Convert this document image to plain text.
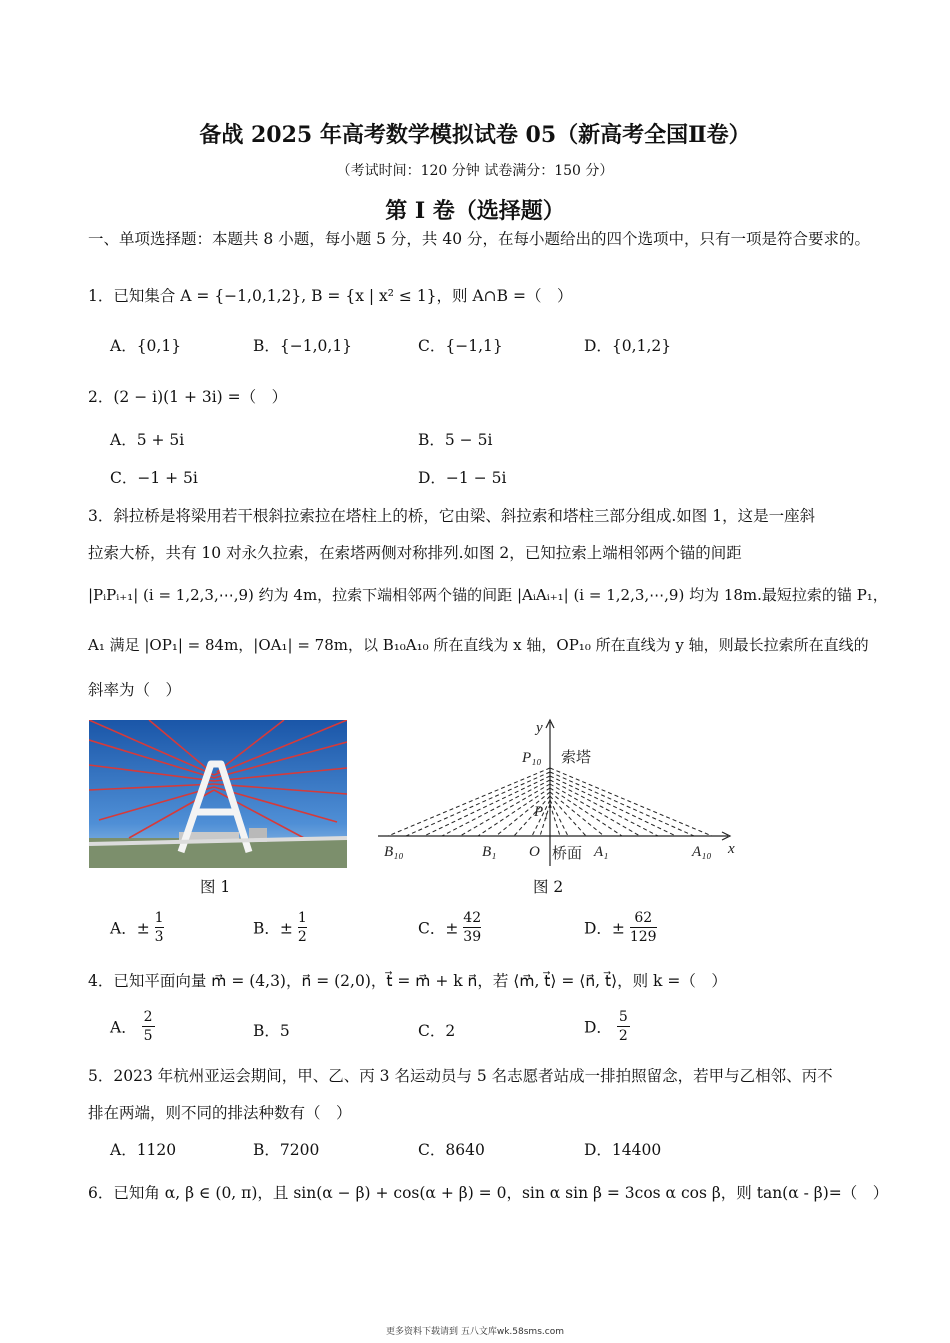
备战 2025 年高考数学模拟试卷 05（新高考全国Ⅱ卷）
（考试时间：120 分钟 试卷满分：150 分）
第 I 卷（选择题）
一、单项选择题：本题共 8 小题，每小题 5 分，共 40 分，在每小题给出的四个选项中，只有一项是符合要求的。
1．已知集合 A = {−1,0,1,2}, B = {x | x² ≤ 1}，则 A∩B =（　）
A．{0,1}	B．{−1,0,1}	C．{−1,1}	D．{0,1,2}
2．(2 − i)(1 + 3i) =（　）
A．5 + 5i	B．5 − 5i
C．−1 + 5i	D．−1 − 5i
3．斜拉桥是将梁用若干根斜拉索拉在塔柱上的桥，它由梁、斜拉索和塔柱三部分组成.如图 1，这是一座斜
拉索大桥，共有 10 对永久拉索，在索塔两侧对称排列.如图 2，已知拉索上端相邻两个锚的间距
|PᵢPᵢ₊₁| (i = 1,2,3,⋯,9) 约为 4m，拉索下端相邻两个锚的间距 |AᵢAᵢ₊₁| (i = 1,2,3,⋯,9) 均为 18m.最短拉索的锚 P₁，
A₁ 满足 |OP₁| = 84m，|OA₁| = 78m，以 B₁₀A₁₀ 所在直线为 x 轴，OP₁₀ 所在直线为 y 轴，则最长拉索所在直线的
斜率为（　）
图 1
y
P₁₀ 索塔
P₁
B₁₀	B₁ O 桥面 A₁	A₁₀ x
图 2
A．± $\frac{1}{3}$	B．± $\frac{1}{2}$	C．± $\frac{42}{39}$	D．± $\frac{62}{129}$
4．已知平面向量 m⃗ = (4,3)，n⃗ = (2,0)，t⃗ = m⃗ + k n⃗，若 ⟨m⃗, t⃗⟩ = ⟨n⃗, t⃗⟩，则 k =（　）
A． $\frac{2}{5}$	B．5	C．2	D． $\frac{5}{2}$
5．2023 年杭州亚运会期间，甲、乙、丙 3 名运动员与 5 名志愿者站成一排拍照留念，若甲与乙相邻、丙不
排在两端，则不同的排法种数有（　）
A．1120	B．7200	C．8640	D．14400
6．已知角 α, β ∈ (0, π)，且 sin(α − β) + cos(α + β) = 0，sin α sin β = 3cos α cos β，则 tan(α - β)=（　）
更多资料下载请到 五八文库wk.58sms.com
